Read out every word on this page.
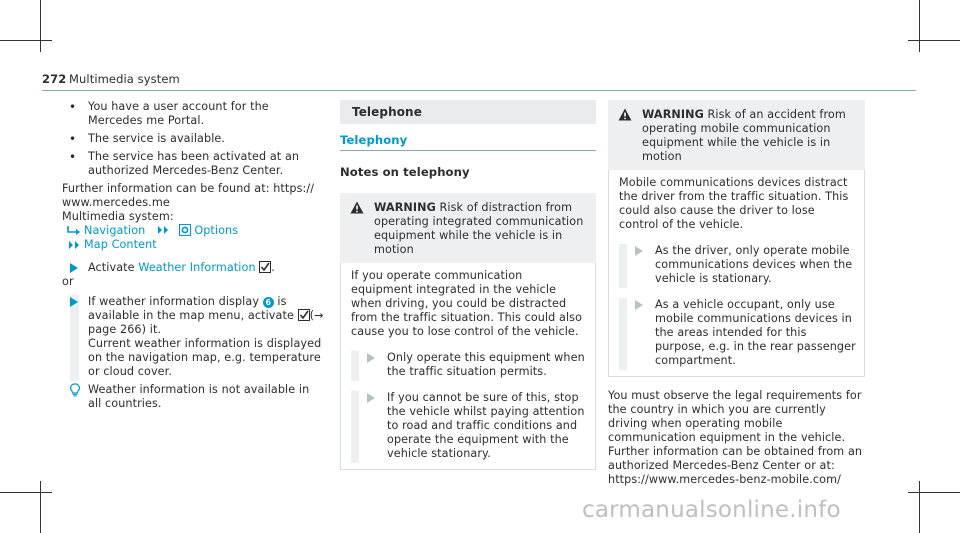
272 Multimedia system
• You have a user account for the Mercedes me Portal.
• The service is available.
• The service has been activated at an authorized Mercedes-Benz Center.

Further information can be found at: https:// www.mercedes.me

Multimedia system:

Navigation	Options
Map Content
Activate Weather Information .

or

If weather information display 6 is available in the map menu, activate (→ page 266) it.

Current weather information is displayed on the navigation map, e.g. temperature or cloud cover.

Weather information is not available in all countries.
Telephone
Telephony
Notes on telephony
WARNING Risk of distraction from operating integrated communication equipment while the vehicle is in motion

If you operate communication equipment integrated in the vehicle when driving, you could be distracted from the traffic situation. This could also cause you to lose control of the vehicle.

Only operate this equipment when the traffic situation permits.

If you cannot be sure of this, stop the vehicle whilst paying attention to road and traffic conditions and operate the equipment with the vehicle stationary.

WARNING Risk of an accident from operating mobile communication equipment while the vehicle is in motion

Mobile communications devices distract the driver from the traffic situation. This could also cause the driver to lose control of the vehicle.

As the driver, only operate mobile communications devices when the vehicle is stationary.

As a vehicle occupant, only use mobile communications devices in the areas intended for this purpose, e.g. in the rear passenger compartment.

You must observe the legal requirements for the country in which you are currently driving when operating mobile communication equipment in the vehicle.

Further information can be obtained from an authorized Mercedes-Benz Center or at: https://www.mercedes-benz-mobile.com/

carmanualsonline.info
